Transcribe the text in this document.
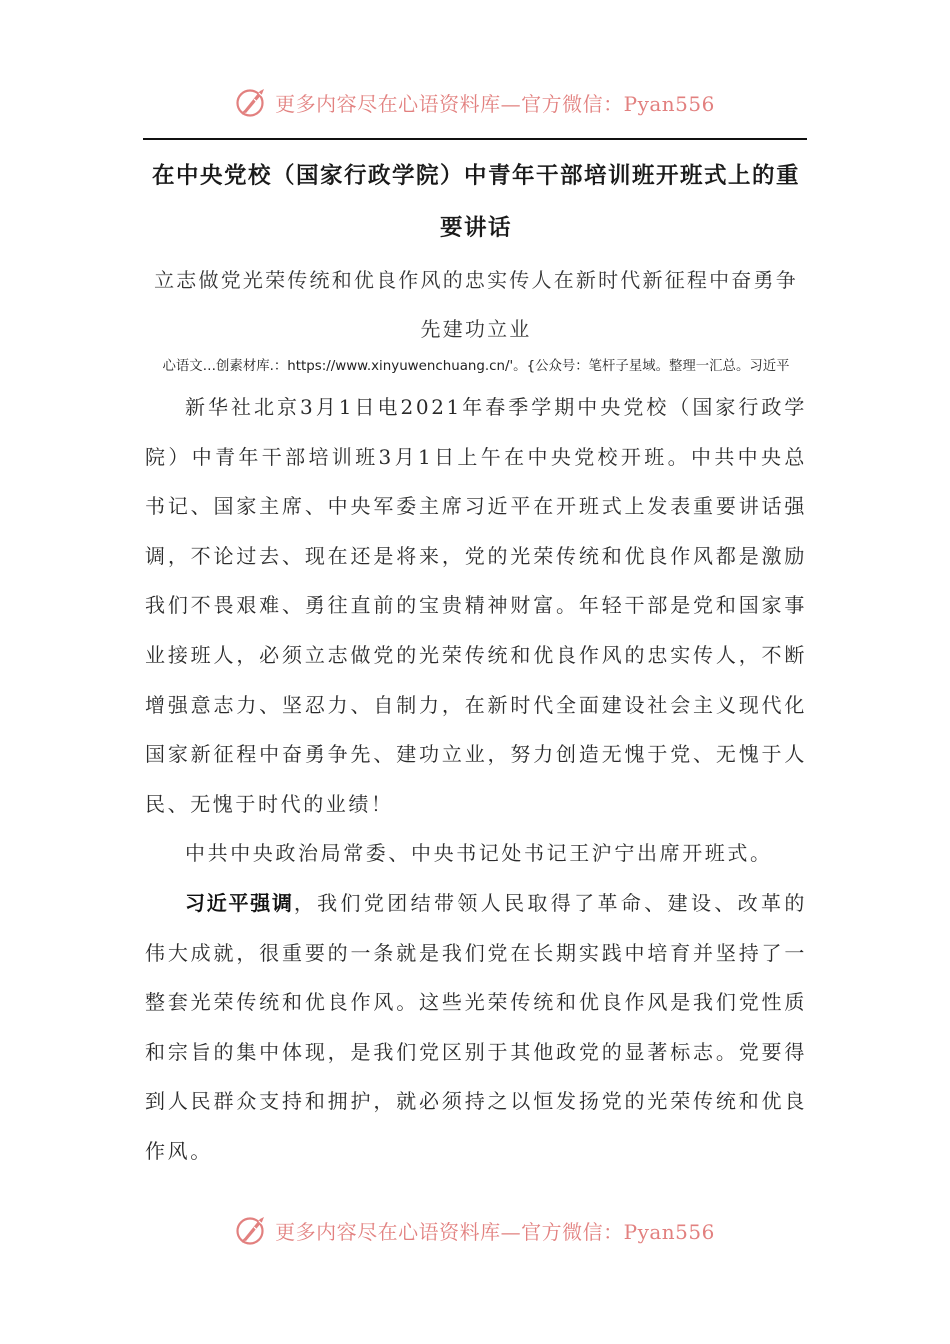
更多内容尽在心语资料库—官方微信：Pyan556
在中央党校（国家行政学院）中青年干部培训班开班式上的重要讲话

立志做党光荣传统和优良作风的忠实传人在新时代新征程中奋勇争先建功立业

心语文…创素材库.：https://www.xinyuwenchuang.cn/'。{公众号：笔杆子星域。整理一汇总。习近平

新华社北京3月1日电2021年春季学期中央党校（国家行政学院）中青年干部培训班3月1日上午在中央党校开班。中共中央总书记、国家主席、中央军委主席习近平在开班式上发表重要讲话强调，不论过去、现在还是将来，党的光荣传统和优良作风都是激励我们不畏艰难、勇往直前的宝贵精神财富。年轻干部是党和国家事业接班人，必须立志做党的光荣传统和优良作风的忠实传人，不断增强意志力、坚忍力、自制力，在新时代全面建设社会主义现代化国家新征程中奋勇争先、建功立业，努力创造无愧于党、无愧于人民、无愧于时代的业绩！

中共中央政治局常委、中央书记处书记王沪宁出席开班式。

习近平强调，我们党团结带领人民取得了革命、建设、改革的伟大成就，很重要的一条就是我们党在长期实践中培育并坚持了一整套光荣传统和优良作风。这些光荣传统和优良作风是我们党性质和宗旨的集中体现，是我们党区别于其他政党的显著标志。党要得到人民群众支持和拥护，就必须持之以恒发扬党的光荣传统和优良作风。

更多内容尽在心语资料库—官方微信：Pyan556
